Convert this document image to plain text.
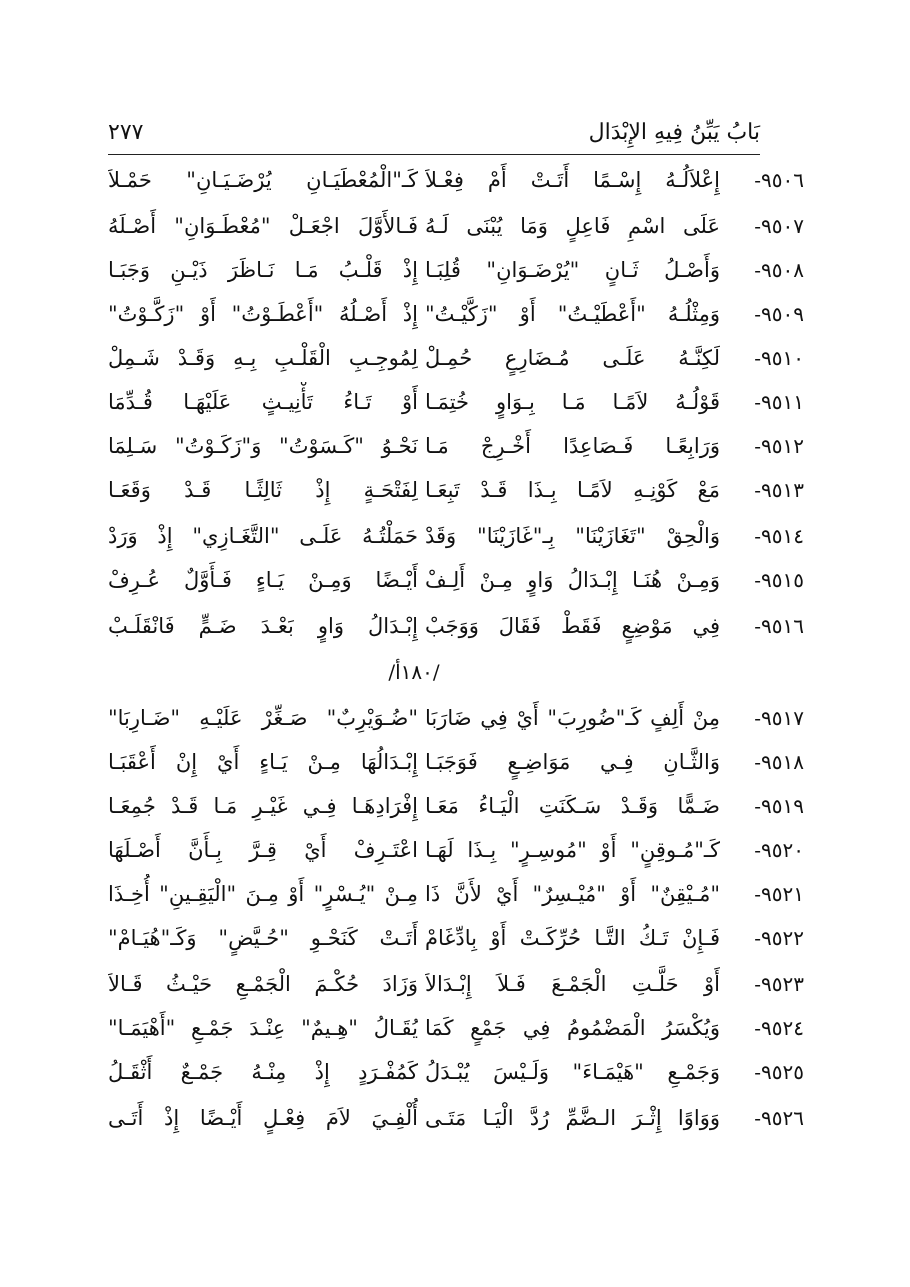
بَابُ يَبِّنُ فِيهِ الإِبْدَال
٢٧٧
٩٥٠٦-
إِعْلاَلُـهُ إِسْـمًا أَتَـتْ أَمْ فِعْـلاَ
كَـ"الْمُعْطَيَـانِ يُرْضَـيَـانِ" حَمْـلاَ
٩٥٠٧-
عَلَى اسْمِ فَاعِلٍ وَمَا يُبْنَى لَـهُ
فَـالأَوَّلَ اجْعَـلْ "مُعْطَـوَانِ" أَصْـلَهُ
٩٥٠٨-
وَأَصْـلُ ثَـانٍ "يُرْضَـوَانِ" قُلِبَـا
إِذْ قَلْـبُ مَـا نَـاظَرَ ذَيْـنِ وَجَبَـا
٩٥٠٩-
وَمِثْلُـهُ "أَعْطَيْـتُ" أَوْ "زَكَّيْـتُ"
إِذْ أَصْـلُهُ "أَعْطَـوْتُ" أَوْ "زَكَّـوْتُ"
٩٥١٠-
لَكِنَّـهُ عَلَـى مُـضَارِعٍ حُمِـلْ
لِمُوجِـبِ الْقَلْـبِ بِـهِ وَقَـدْ شَـمِلْ
٩٥١١-
قَوْلُـهُ لاَمًـا مَـا بِـوَاوٍ خُتِمَـا
أَوْ تَـاءُ تَأْنِيـثٍ عَلَيْهَـا قُـدِّمَا
٩٥١٢-
وَرَابِعًـا فَـصَاعِدًا أَخْـرِجْ مَـا
نَحْـوُ "كَـسَوْتُ" وَ"زَكَـوْتُ" سَـلِمَا
٩٥١٣-
مَعْ كَوْنِـهِ لاَمًـا بِـذَا قَـدْ تَبِعَـا
لِفَتْحَـةٍ إِذْ ثَالِثًـا قَـدْ وَقَعَـا
٩٥١٤-
وَالْحِقْ "تَغَازَيْنَا" بِـ"غَازَيْنَا" وَقَدْ
حَمَلْتُـهُ عَلَـى "التَّغَـازِي" إِذْ وَرَدْ
٩٥١٥-
وَمِـنْ هُنَـا إِبْـدَالُ وَاوٍ مِـنْ أَلِـفْ
أَيْـضًا وَمِـنْ يَـاءٍ فَـأَوَّلٌ عُـرِفْ
٩٥١٦-
فِي مَوْضِعٍ فَقَطْ فَقَالَ وَوَجَبْ
إِبْـدَالُ وَاوٍ بَعْـدَ ضَـمٍّ فَانْقَلَـبْ
/١٨٠أ/
٩٥١٧-
مِنْ أَلِفٍ كَـ"ضُورِبَ" أَيْ فِي ضَارَبَا
"ضُـوَيْرِبٌ" صَـغِّرْ عَلَيْـهِ "ضَـارِبَا"
٩٥١٨-
وَالثَّـانِ فِـي مَوَاضِـعٍ فَوَجَبَـا
إِبْـدَالُهَا مِـنْ يَـاءٍ أَيْ إِنْ أَعْقَبَـا
٩٥١٩-
ضَـمًّا وَقَـدْ سَـكَنَتِ الْيَـاءُ مَعَـا
إِفْرَادِهَـا فِـي غَيْـرِ مَـا قَـدْ جُمِعَـا
٩٥٢٠-
كَـ"مُـوقِنٍ" أَوْ "مُوسِـرٍ" بِـذَا لَهَـا
اعْتَـرِفْ أَيْ قِـرَّ بِـأَنَّ أَصْـلَهَا
٩٥٢١-
"مُـيْقِنٌ" أَوْ "مُيْـسِرٌ" أَيْ لأَنَّ ذَا
مِـنْ "يُـسْرٍ" أَوْ مِـنَ "الْيَقِـينِ" أُخِـذَا
٩٥٢٢-
فَـإِنْ تَـكُ التَّـا حُرِّكَـتْ أَوْ بِادِّغَامْ
أَتَـتْ كَنَحْـوِ "حُـيَّضٍ" وَكَـ"هُيَـامْ"
٩٥٢٣-
أَوْ حَلَّـتِ الْجَمْـعَ فَـلاَ إِبْـدَالاَ
وَزَادَ حُكْـمَ الْجَمْـعِ حَيْـثُ قَـالاَ
٩٥٢٤-
وَيُكْسَرُ الْمَضْمُومُ فِي جَمْعٍ كَمَا
يُقَـالُ "هِـيمٌ" عِنْـدَ جَمْـعِ "أَهْيَمَـا"
٩٥٢٥-
وَجَمْـعِ "هَيْمَـاءَ" وَلَـيْسَ يُبْـدَلُ
كَمُفْـرَدٍ إِذْ مِنْـهُ جَمْـعٌ أَثْقَـلُ
٩٥٢٦-
وَوَاوًا إِثْـرَ الـضَّمِّ رُدَّ الْيَـا مَتَـى
أُلْفِـيَ لاَمَ فِعْـلٍ أَيْـضًا إِذْ أَتَـى
